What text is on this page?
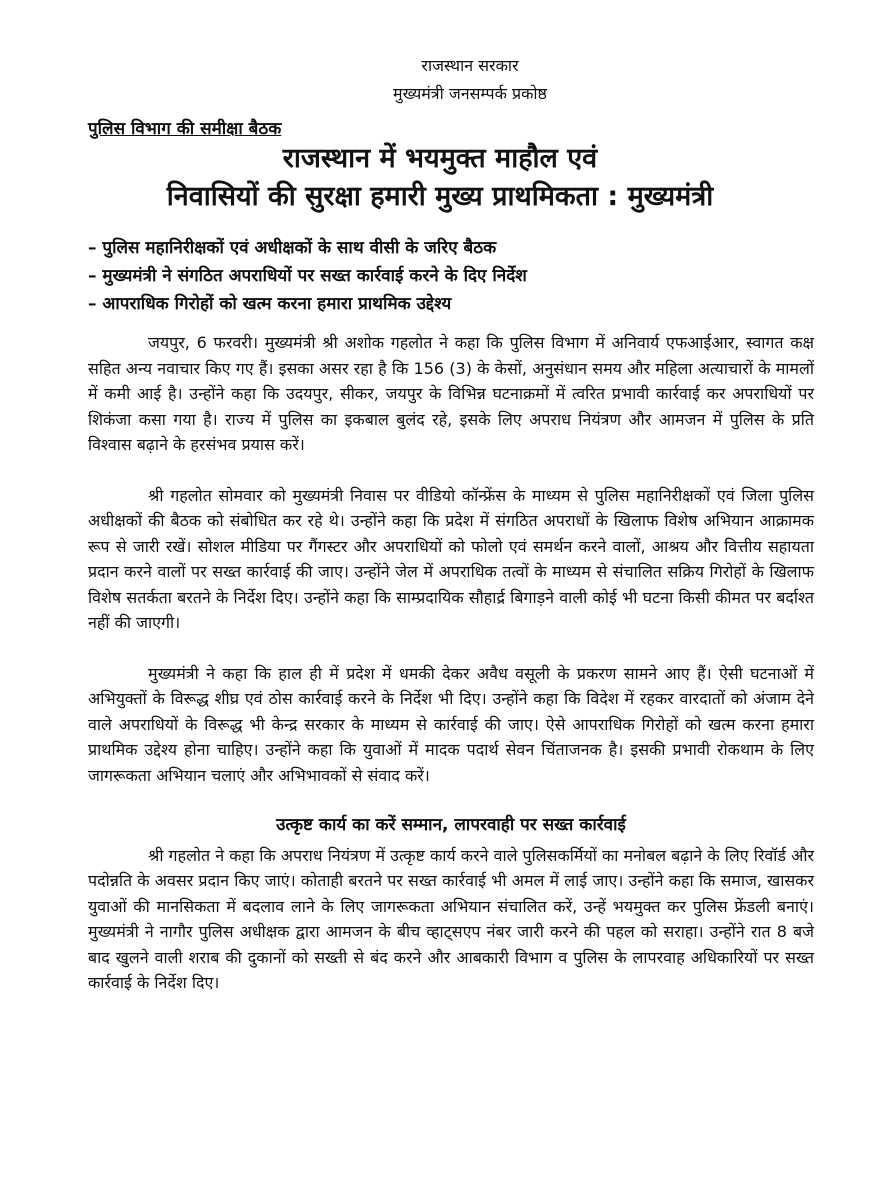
राजस्थान सरकार
मुख्यमंत्री जनसम्पर्क प्रकोष्ठ
पुलिस विभाग की समीक्षा बैठक
राजस्थान में भयमुक्त माहौल एवं
निवासियों की सुरक्षा हमारी मुख्य प्राथमिकता : मुख्यमंत्री
– पुलिस महानिरीक्षकों एवं अधीक्षकों के साथ वीसी के जरिए बैठक
– मुख्यमंत्री ने संगठित अपराधियों पर सख्त कार्रवाई करने के दिए निर्देश
– आपराधिक गिरोहों को खत्म करना हमारा प्राथमिक उद्देश्य

जयपुर, 6 फरवरी। मुख्यमंत्री श्री अशोक गहलोत ने कहा कि पुलिस विभाग में अनिवार्य एफआईआर, स्वागत कक्ष सहित अन्य नवाचार किए गए हैं। इसका असर रहा है कि 156 (3) के केसों, अनुसंधान समय और महिला अत्याचारों के मामलों में कमी आई है। उन्होंने कहा कि उदयपुर, सीकर, जयपुर के विभिन्न घटनाक्रमों में त्वरित प्रभावी कार्रवाई कर अपराधियों पर शिकंजा कसा गया है। राज्य में पुलिस का इकबाल बुलंद रहे, इसके लिए अपराध नियंत्रण और आमजन में पुलिस के प्रति विश्वास बढ़ाने के हरसंभव प्रयास करें।

श्री गहलोत सोमवार को मुख्यमंत्री निवास पर वीडियो कॉन्फ्रेंस के माध्यम से पुलिस महानिरीक्षकों एवं जिला पुलिस अधीक्षकों की बैठक को संबोधित कर रहे थे। उन्होंने कहा कि प्रदेश में संगठित अपराधों के खिलाफ विशेष अभियान आक्रामक रूप से जारी रखें। सोशल मीडिया पर गैंगस्टर और अपराधियों को फोलो एवं समर्थन करने वालों, आश्रय और वित्तीय सहायता प्रदान करने वालों पर सख्त कार्रवाई की जाए। उन्होंने जेल में अपराधिक तत्वों के माध्यम से संचालित सक्रिय गिरोहों के खिलाफ विशेष सतर्कता बरतने के निर्देश दिए। उन्होंने कहा कि साम्प्रदायिक सौहार्द्र बिगाड़ने वाली कोई भी घटना किसी कीमत पर बर्दाश्त नहीं की जाएगी।

मुख्यमंत्री ने कहा कि हाल ही में प्रदेश में धमकी देकर अवैध वसूली के प्रकरण सामने आए हैं। ऐसी घटनाओं में अभियुक्तों के विरूद्ध शीघ्र एवं ठोस कार्रवाई करने के निर्देश भी दिए। उन्होंने कहा कि विदेश में रहकर वारदातों को अंजाम देने वाले अपराधियों के विरूद्ध भी केन्द्र सरकार के माध्यम से कार्रवाई की जाए। ऐसे आपराधिक गिरोहों को खत्म करना हमारा प्राथमिक उद्देश्य होना चाहिए। उन्होंने कहा कि युवाओं में मादक पदार्थ सेवन चिंताजनक है। इसकी प्रभावी रोकथाम के लिए जागरूकता अभियान चलाएं और अभिभावकों से संवाद करें।

उत्कृष्ट कार्य का करें सम्मान, लापरवाही पर सख्त कार्रवाई

श्री गहलोत ने कहा कि अपराध नियंत्रण में उत्कृष्ट कार्य करने वाले पुलिसकर्मियों का मनोबल बढ़ाने के लिए रिवॉर्ड और पदोन्नति के अवसर प्रदान किए जाएं। कोताही बरतने पर सख्त कार्रवाई भी अमल में लाई जाए। उन्होंने कहा कि समाज, खासकर युवाओं की मानसिकता में बदलाव लाने के लिए जागरूकता अभियान संचालित करें, उन्हें भयमुक्त कर पुलिस फ्रेंडली बनाएं। मुख्यमंत्री ने नागौर पुलिस अधीक्षक द्वारा आमजन के बीच व्हाट्सएप नंबर जारी करने की पहल को सराहा। उन्होंने रात 8 बजे बाद खुलने वाली शराब की दुकानों को सख्ती से बंद करने और आबकारी विभाग व पुलिस के लापरवाह अधिकारियों पर सख्त कार्रवाई के निर्देश दिए।
